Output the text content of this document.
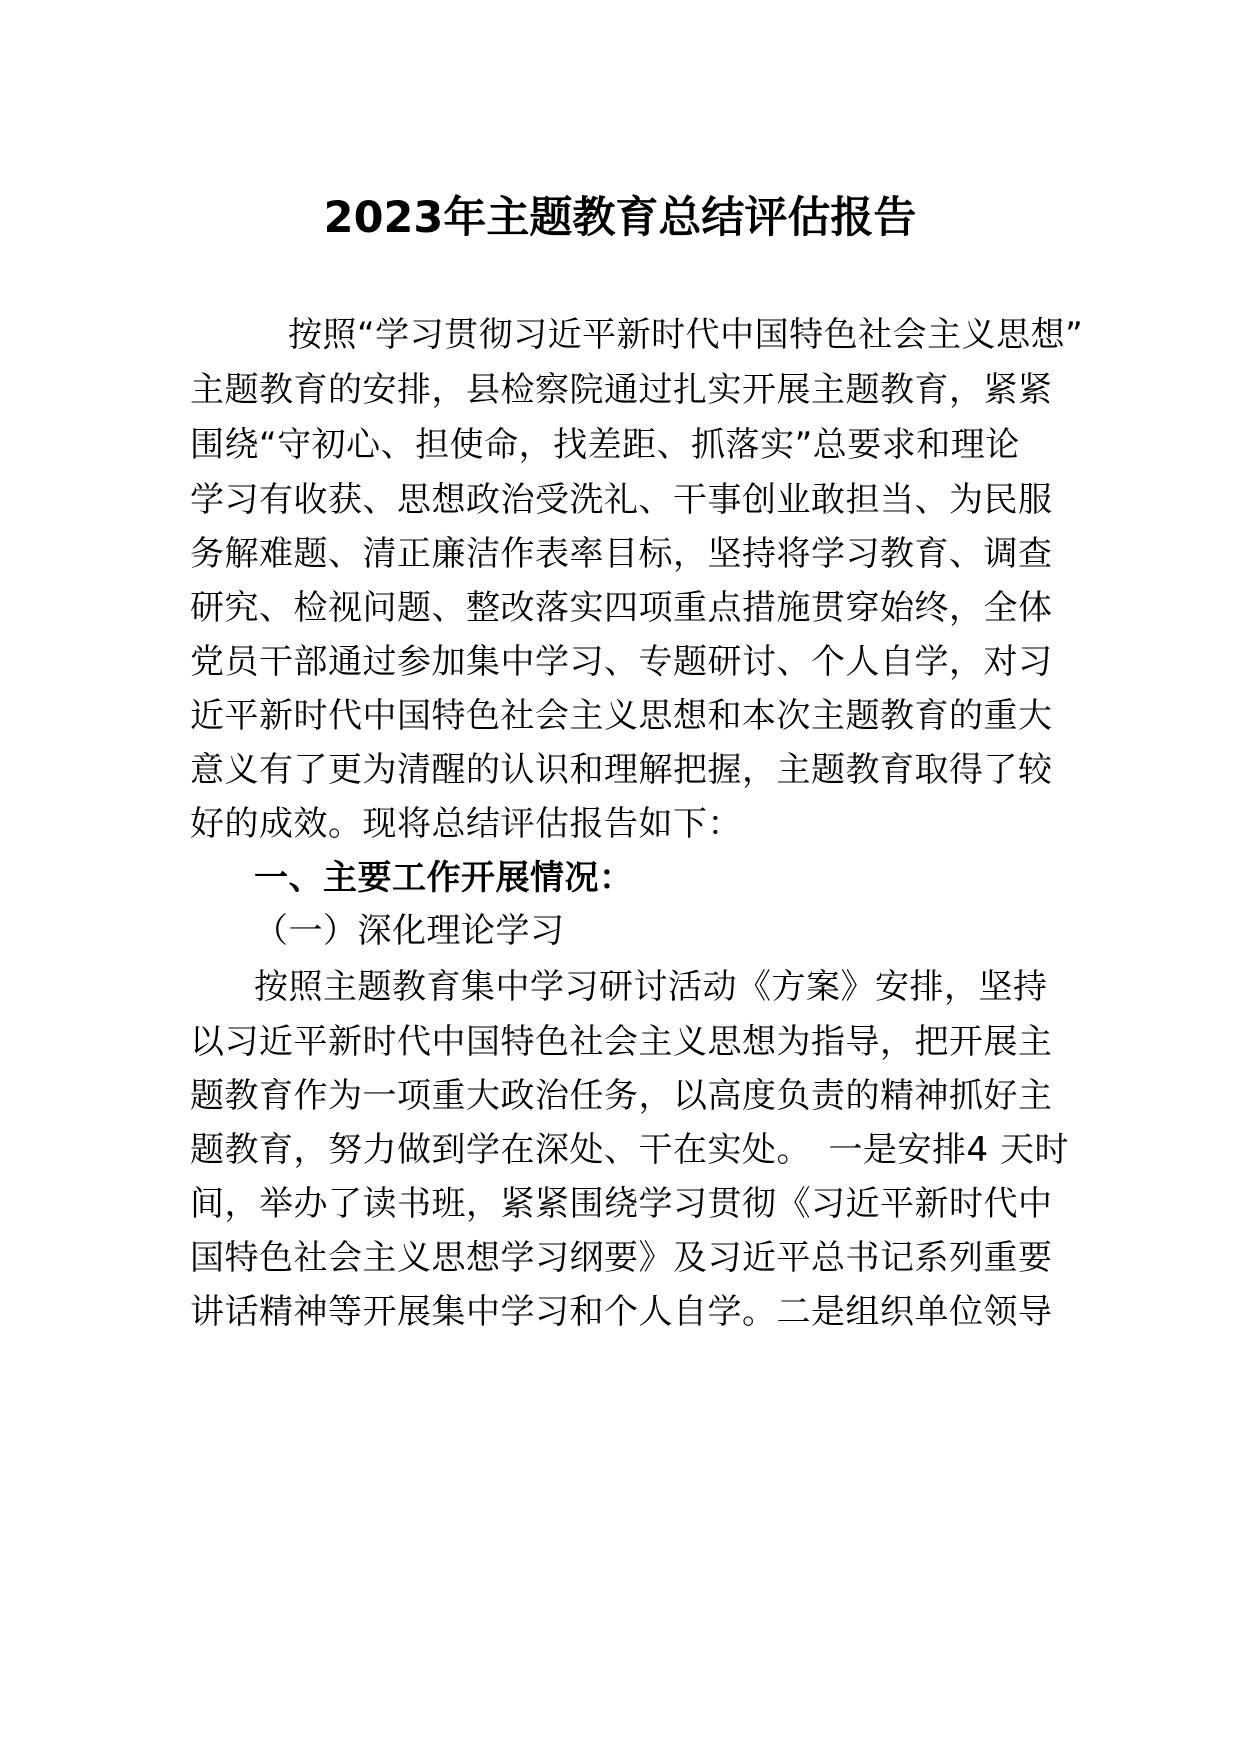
2023年主题教育总结评估报告
按照“学习贯彻习近平新时代中国特色社会主义思想”
主题教育的安排，县检察院通过扎实开展主题教育，紧紧
围绕“守初心、担使命，找差距、抓落实”总要求和理论
学习有收获、思想政治受洗礼、干事创业敢担当、为民服
务解难题、清正廉洁作表率目标，坚持将学习教育、调查
研究、检视问题、整改落实四项重点措施贯穿始终，全体
党员干部通过参加集中学习、专题研讨、个人自学，对习
近平新时代中国特色社会主义思想和本次主题教育的重大
意义有了更为清醒的认识和理解把握，主题教育取得了较
好的成效。现将总结评估报告如下：
一、主要工作开展情况：
（一）深化理论学习
按照主题教育集中学习研讨活动《方案》安排，坚持
以习近平新时代中国特色社会主义思想为指导，把开展主
题教育作为一项重大政治任务，以高度负责的精神抓好主
题教育，努力做到学在深处、干在实处。　一是安排4 天时
间，举办了读书班，紧紧围绕学习贯彻《习近平新时代中
国特色社会主义思想学习纲要》及习近平总书记系列重要
讲话精神等开展集中学习和个人自学。二是组织单位领导
